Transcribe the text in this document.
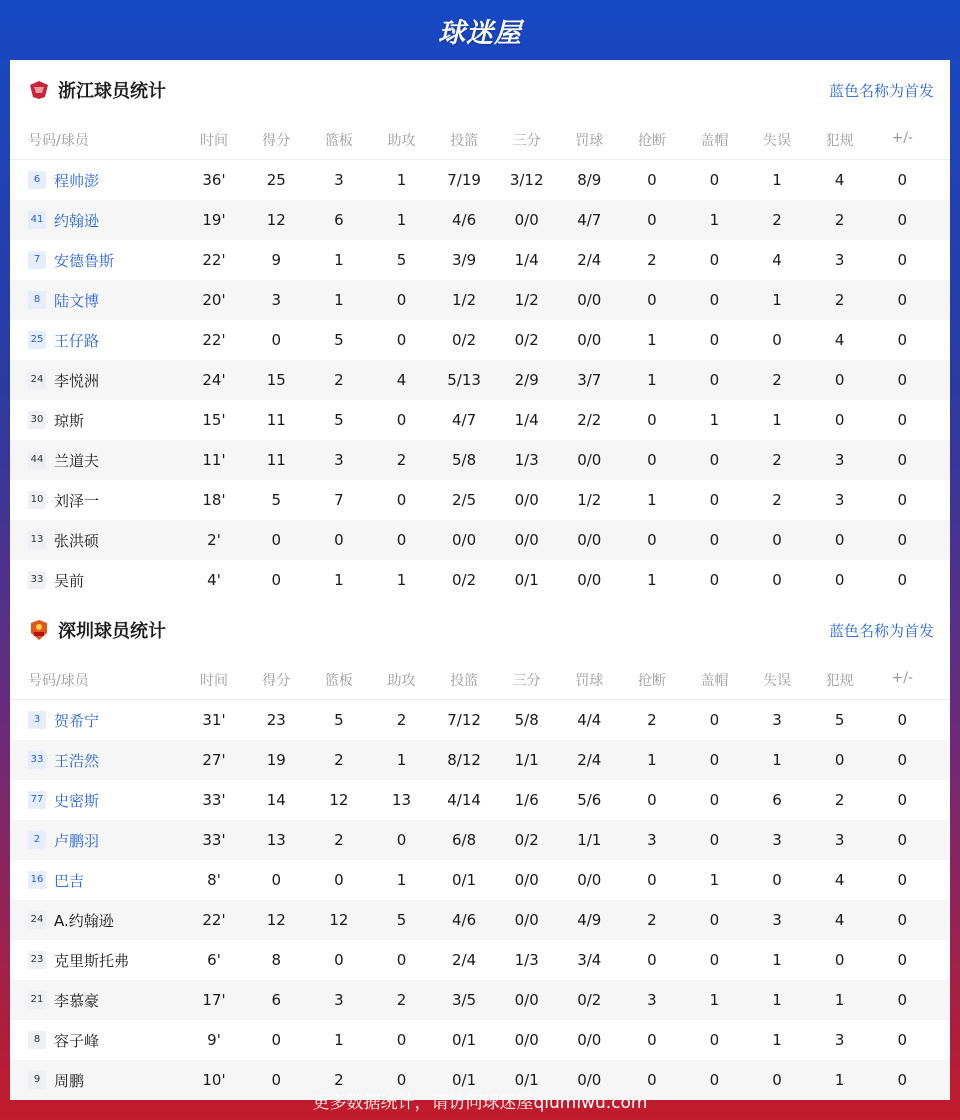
球迷屋
浙江球员统计	蓝色名称为首发
号码/球员	时间	得分	篮板	助攻	投篮	三分	罚球	抢断	盖帽	失误	犯规	+/-
6 程帅澎	36'	25	3	1	7/19	3/12	8/9	0	0	1	4	0
41 约翰逊	19'	12	6	1	4/6	0/0	4/7	0	1	2	2	0
7 安德鲁斯	22'	9	1	5	3/9	1/4	2/4	2	0	4	3	0
8 陆文博	20'	3	1	0	1/2	1/2	0/0	0	0	1	2	0
25 王仔路	22'	0	5	0	0/2	0/2	0/0	1	0	0	4	0
24 李悦洲	24'	15	2	4	5/13	2/9	3/7	1	0	2	0	0
30 琼斯	15'	11	5	0	4/7	1/4	2/2	0	1	1	0	0
44 兰道夫	11'	11	3	2	5/8	1/3	0/0	0	0	2	3	0
10 刘泽一	18'	5	7	0	2/5	0/0	1/2	1	0	2	3	0
13 张洪硕	2'	0	0	0	0/0	0/0	0/0	0	0	0	0	0
33 吴前	4'	0	1	1	0/2	0/1	0/0	1	0	0	0	0
深圳球员统计	蓝色名称为首发
号码/球员	时间	得分	篮板	助攻	投篮	三分	罚球	抢断	盖帽	失误	犯规	+/-
3 贺希宁	31'	23	5	2	7/12	5/8	4/4	2	0	3	5	0
33 王浩然	27'	19	2	1	8/12	1/1	2/4	1	0	1	0	0
77 史密斯	33'	14	12	13	4/14	1/6	5/6	0	0	6	2	0
2 卢鹏羽	33'	13	2	0	6/8	0/2	1/1	3	0	3	3	0
16 巴吉	8'	0	0	1	0/1	0/0	0/0	0	1	0	4	0
24 A.约翰逊	22'	12	12	5	4/6	0/0	4/9	2	0	3	4	0
23 克里斯托弗	6'	8	0	0	2/4	1/3	3/4	0	0	1	0	0
21 李慕豪	17'	6	3	2	3/5	0/0	0/2	3	1	1	1	0
8 容子峰	9'	0	1	0	0/1	0/0	0/0	0	0	1	3	0
9 周鹏	10'	0	2	0	0/1	0/1	0/0	0	0	0	1	0
更多数据统计，请访问球迷屋qiumiwu.com
